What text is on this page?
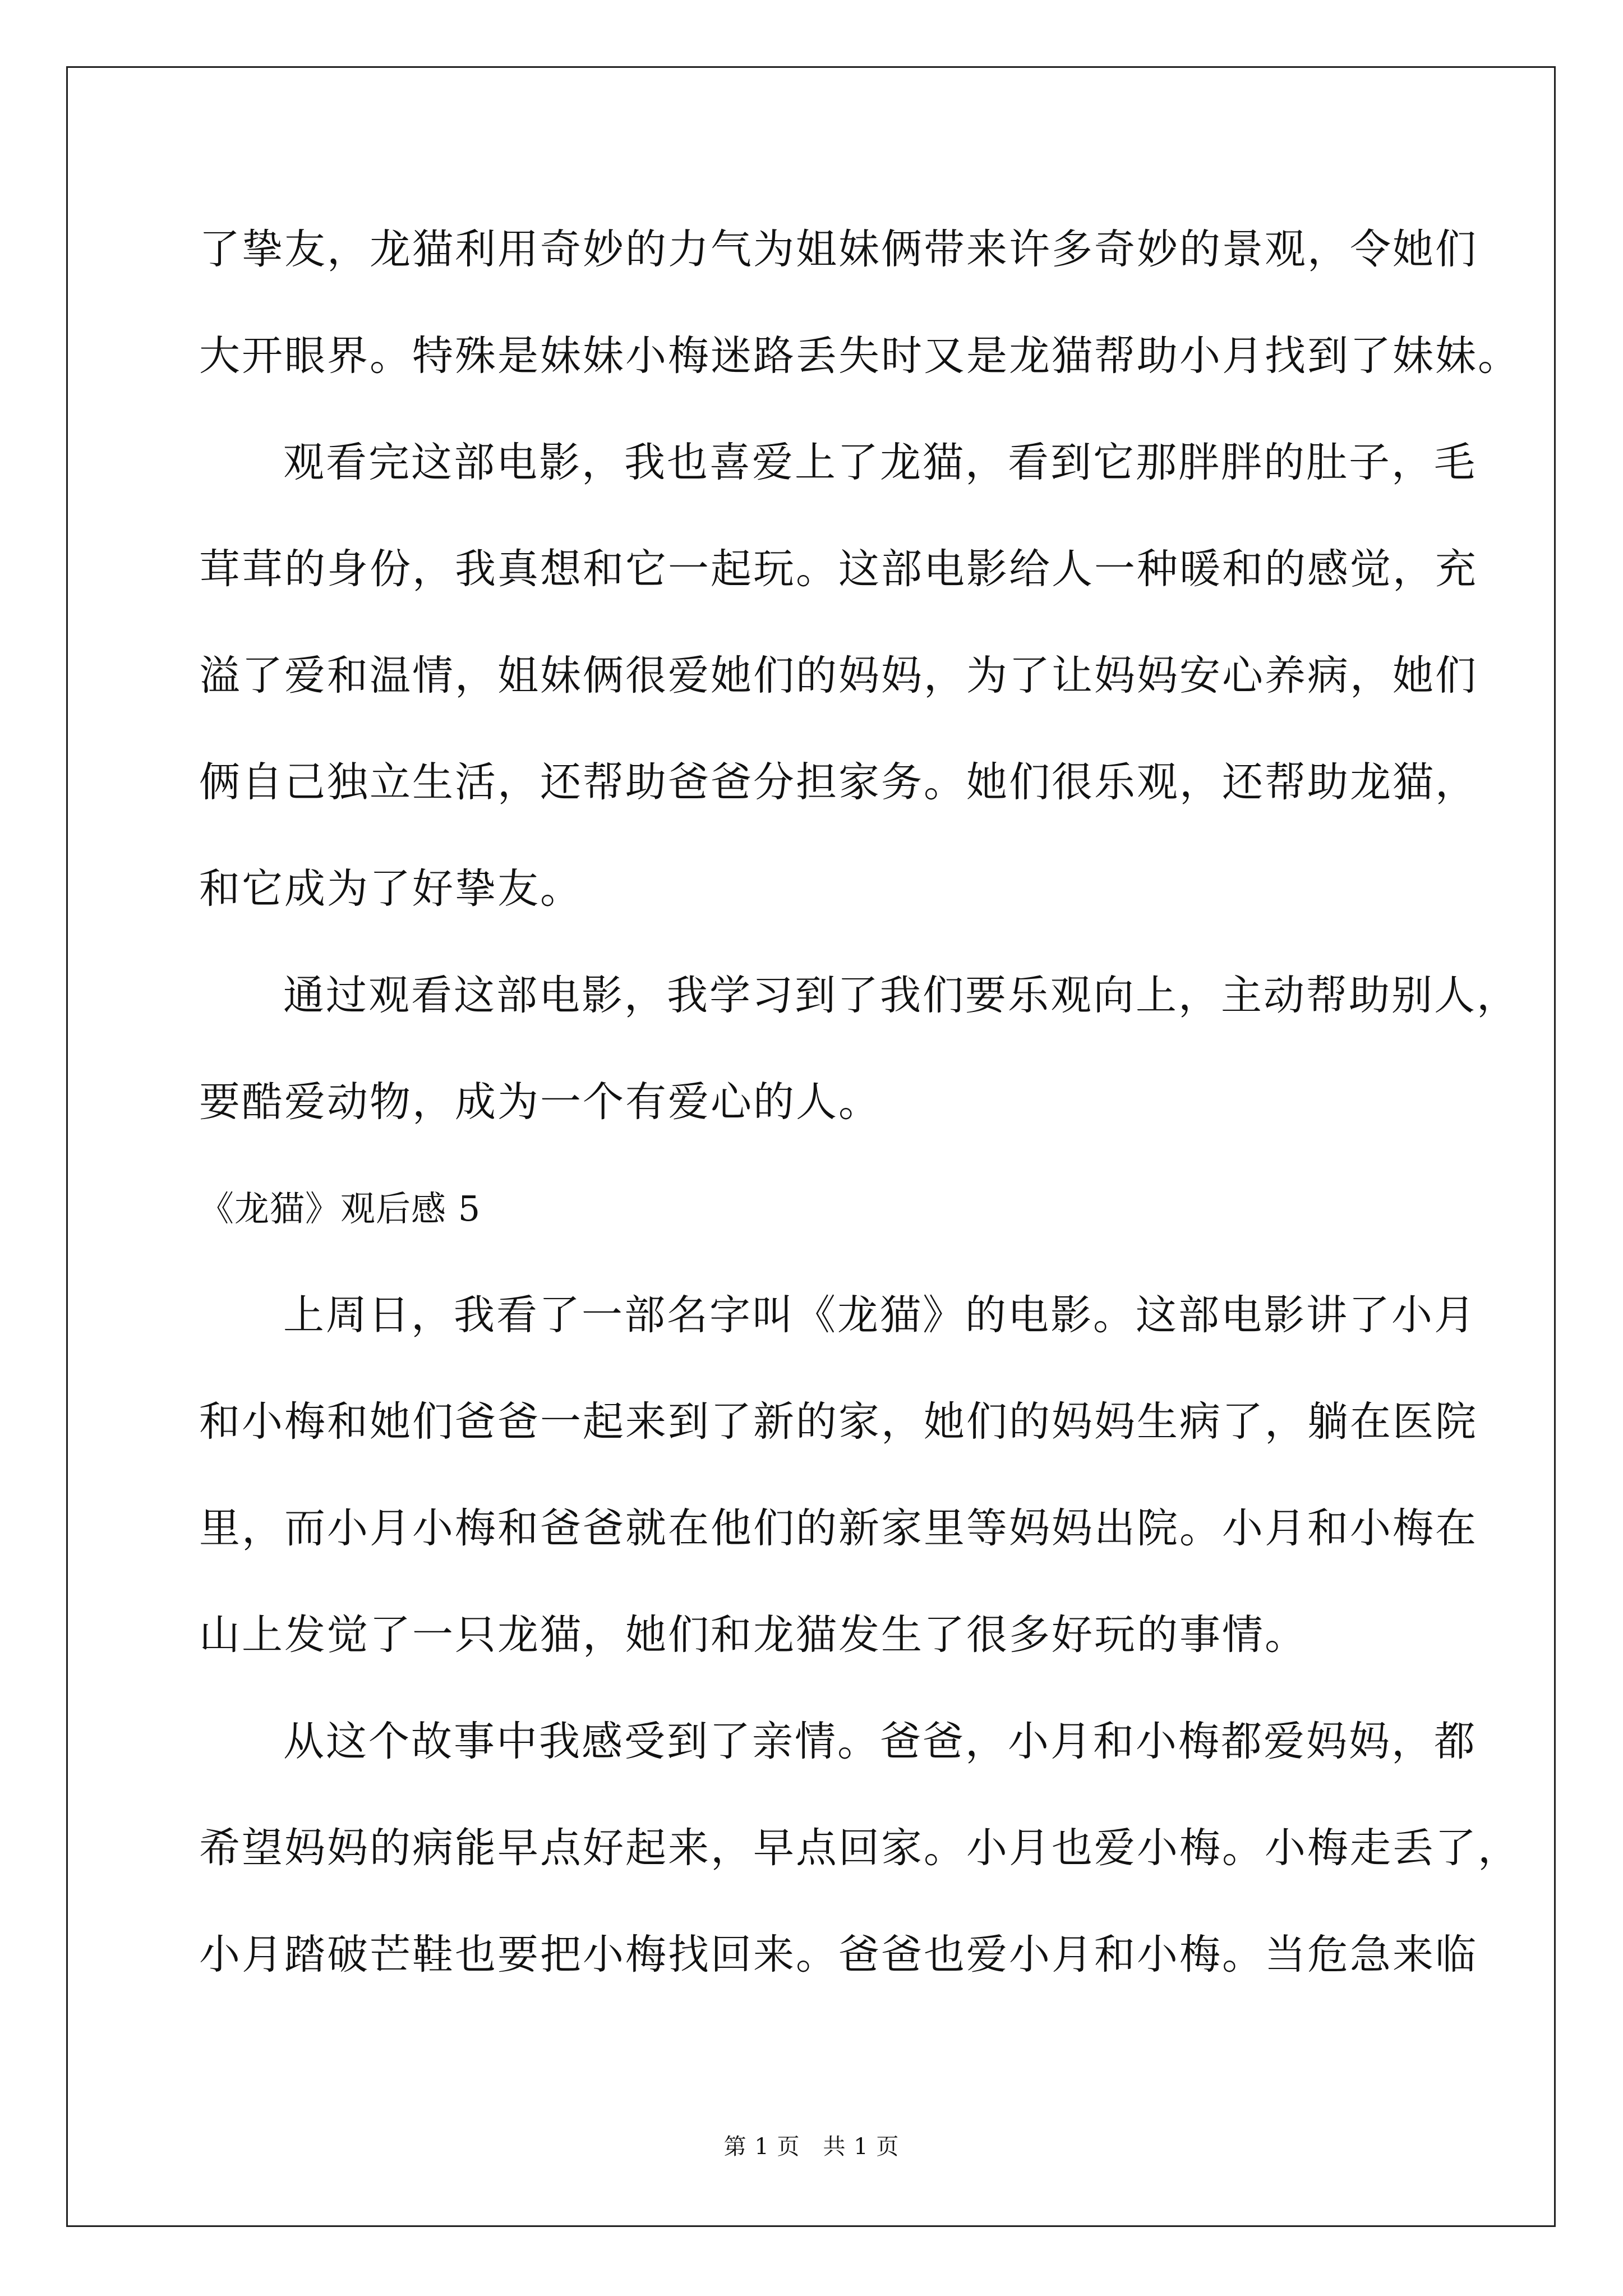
了挚友，龙猫利用奇妙的力气为姐妹俩带来许多奇妙的景观，令她们
大开眼界。特殊是妹妹小梅迷路丢失时又是龙猫帮助小月找到了妹妹。
观看完这部电影，我也喜爱上了龙猫，看到它那胖胖的肚子，毛
茸茸的身份，我真想和它一起玩。这部电影给人一种暖和的感觉，充
溢了爱和温情，姐妹俩很爱她们的妈妈，为了让妈妈安心养病，她们
俩自己独立生活，还帮助爸爸分担家务。她们很乐观，还帮助龙猫，
和它成为了好挚友。
通过观看这部电影，我学习到了我们要乐观向上，主动帮助别人，
要酷爱动物，成为一个有爱心的人。
《龙猫》观后感 5
上周日，我看了一部名字叫《龙猫》的电影。这部电影讲了小月
和小梅和她们爸爸一起来到了新的家，她们的妈妈生病了，躺在医院
里，而小月小梅和爸爸就在他们的新家里等妈妈出院。小月和小梅在
山上发觉了一只龙猫，她们和龙猫发生了很多好玩的事情。
从这个故事中我感受到了亲情。爸爸，小月和小梅都爱妈妈，都
希望妈妈的病能早点好起来，早点回家。小月也爱小梅。小梅走丢了，
小月踏破芒鞋也要把小梅找回来。爸爸也爱小月和小梅。当危急来临
第 1 页　共 1 页
